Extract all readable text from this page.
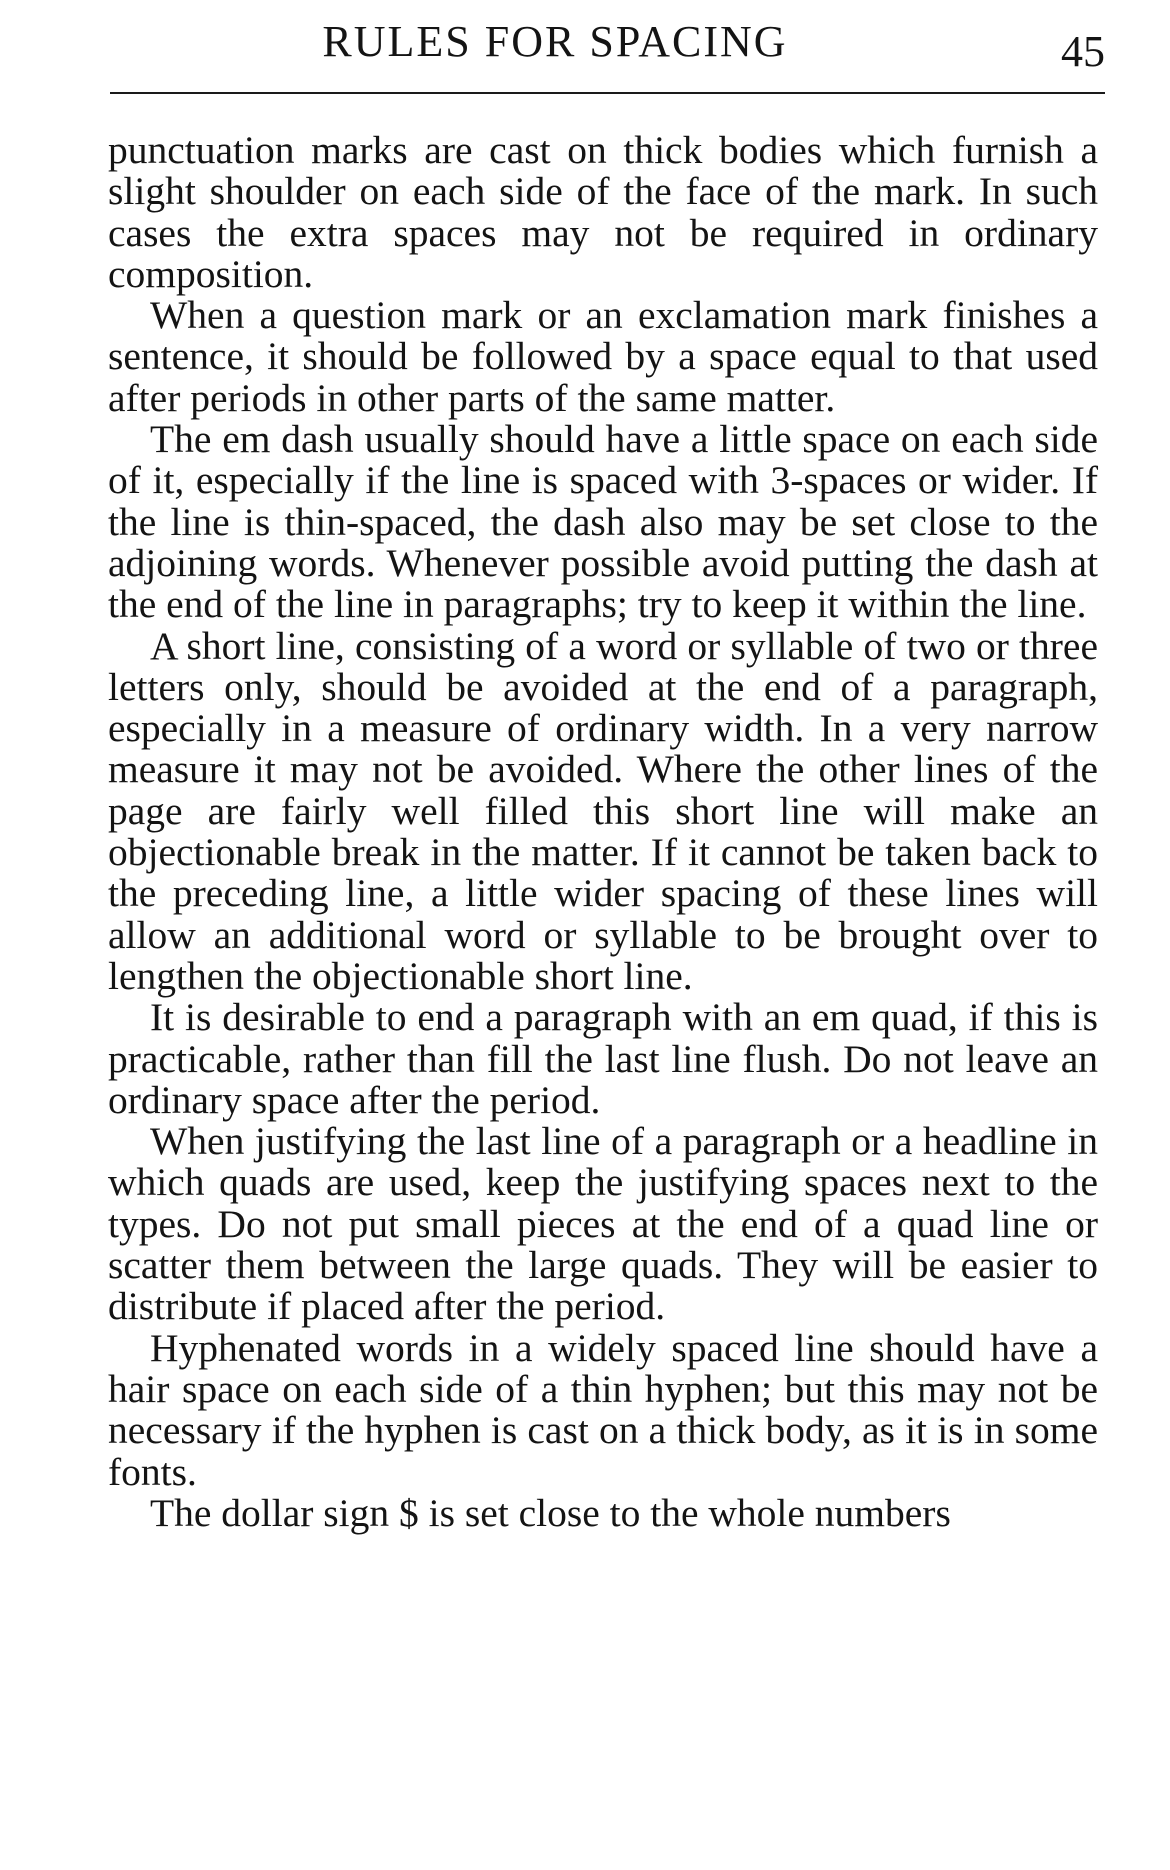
RULES FOR SPACING	45

punctuation marks are cast on thick bodies which furnish a slight shoulder on each side of the face of the mark. In such cases the extra spaces may not be required in ordinary composition.

When a question mark or an exclamation mark finishes a sentence, it should be followed by a space equal to that used after periods in other parts of the same matter.

The em dash usually should have a little space on each side of it, especially if the line is spaced with 3-spaces or wider. If the line is thin-spaced, the dash also may be set close to the adjoining words. Whenever possible avoid putting the dash at the end of the line in paragraphs; try to keep it within the line.

A short line, consisting of a word or syllable of two or three letters only, should be avoided at the end of a paragraph, especially in a measure of ordinary width. In a very narrow measure it may not be avoided. Where the other lines of the page are fairly well filled this short line will make an objectionable break in the matter. If it cannot be taken back to the preceding line, a little wider spacing of these lines will allow an additional word or syllable to be brought over to lengthen the objectionable short line.

It is desirable to end a paragraph with an em quad, if this is practicable, rather than fill the last line flush. Do not leave an ordinary space after the period.

When justifying the last line of a paragraph or a headline in which quads are used, keep the justifying spaces next to the types. Do not put small pieces at the end of a quad line or scatter them between the large quads. They will be easier to distribute if placed after the period.

Hyphenated words in a widely spaced line should have a hair space on each side of a thin hyphen; but this may not be necessary if the hyphen is cast on a thick body, as it is in some fonts.

The dollar sign $ is set close to the whole numbers
